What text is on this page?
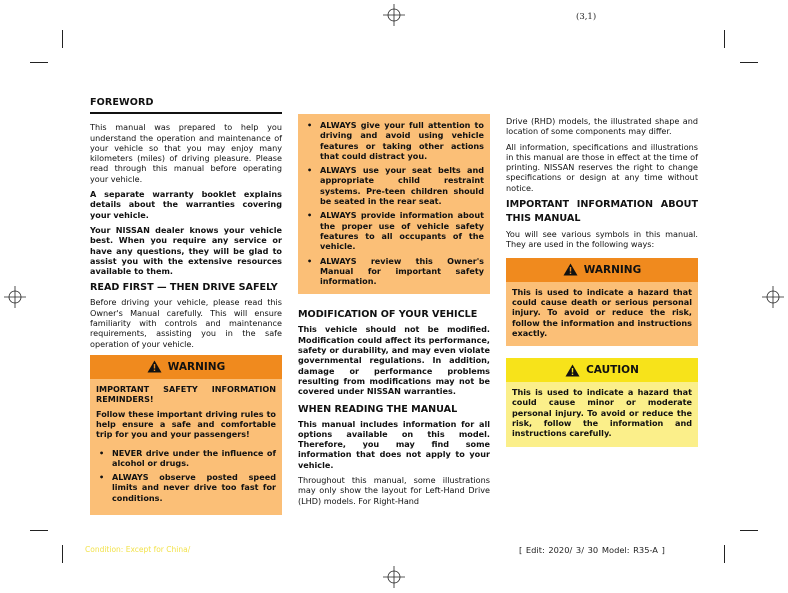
(3,1)
FOREWORD

This manual was prepared to help you understand the operation and maintenance of your vehicle so that you may enjoy many kilometers (miles) of driving pleasure. Please read through this manual before operating your vehicle.

A separate warranty booklet explains details about the warranties covering your vehicle.

Your NISSAN dealer knows your vehicle best. When you require any service or have any questions, they will be glad to assist you with the extensive resources available to them.

READ FIRST — THEN DRIVE SAFELY

Before driving your vehicle, please read this Owner's Manual carefully. This will ensure familiarity with controls and maintenance requirements, assisting you in the safe operation of your vehicle.

WARNING

IMPORTANT SAFETY INFORMATION REMINDERS!

Follow these important driving rules to help ensure a safe and comfortable trip for you and your passengers!

• NEVER drive under the influence of alcohol or drugs.
• ALWAYS observe posted speed limits and never drive too fast for conditions.
• ALWAYS give your full attention to driving and avoid using vehicle features or taking other actions that could distract you.
• ALWAYS use your seat belts and appropriate child restraint systems. Pre-teen children should be seated in the rear seat.
• ALWAYS provide information about the proper use of vehicle safety features to all occupants of the vehicle.
• ALWAYS review this Owner's Manual for important safety information.
MODIFICATION OF YOUR VEHICLE

This vehicle should not be modified. Modification could affect its performance, safety or durability, and may even violate governmental regulations. In addition, damage or performance problems resulting from modifications may not be covered under NISSAN warranties.

WHEN READING THE MANUAL

This manual includes information for all options available on this model. Therefore, you may find some information that does not apply to your vehicle.

Throughout this manual, some illustrations may only show the layout for Left-Hand Drive (LHD) models. For Right-Hand

Drive (RHD) models, the illustrated shape and location of some components may differ.

All information, specifications and illustrations in this manual are those in effect at the time of printing. NISSAN reserves the right to change specifications or design at any time without notice.

IMPORTANT INFORMATION ABOUT THIS MANUAL

You will see various symbols in this manual. They are used in the following ways:

WARNING

This is used to indicate a hazard that could cause death or serious personal injury. To avoid or reduce the risk, follow the information and instructions exactly.

CAUTION

This is used to indicate a hazard that could cause minor or moderate personal injury. To avoid or reduce the risk, follow the information and instructions carefully.

Condition: Except for China/	[ Edit: 2020/ 3/ 30 Model: R35-A ]
